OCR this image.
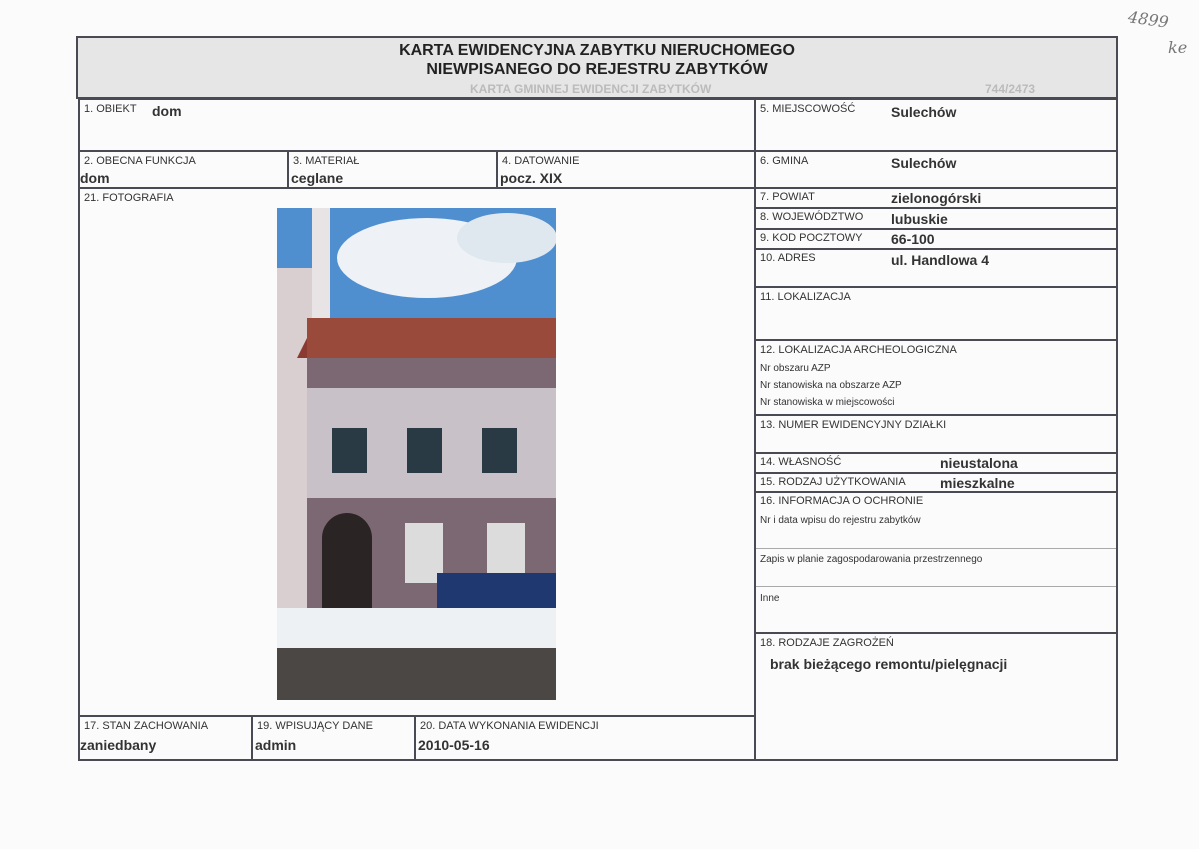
4899
ke
KARTA EWIDENCYJNA ZABYTKU NIERUCHOMEGO
NIEWPISANEGO DO REJESTRU ZABYTKÓW
KARTA GMINNEJ EWIDENCJI ZABYTKÓW	744/2473
1. OBIEKT dom
2. OBECNA FUNKCJA
dom
3. MATERIAŁ
ceglane
4. DATOWANIE
pocz. XIX
21. FOTOGRAFIA
17. STAN ZACHOWANIA
zaniedbany
19. WPISUJĄCY DANE
admin
20. DATA WYKONANIA EWIDENCJI
2010-05-16
5. MIEJSCOWOŚĆ	Sulechów
6. GMINA	Sulechów
7. POWIAT	zielonogórski
8. WOJEWÓDZTWO lubuskie
9. KOD POCZTOWY 66-100
10. ADRES	ul. Handlowa 4
11. LOKALIZACJA
12. LOKALIZACJA ARCHEOLOGICZNA
Nr obszaru AZP
Nr stanowiska na obszarze AZP
Nr stanowiska w miejscowości
13. NUMER EWIDENCYJNY DZIAŁKI
14. WŁASNOŚĆ	nieustalona
15. RODZAJ UŻYTKOWANIA mieszkalne
16. INFORMACJA O OCHRONIE
Nr i data wpisu do rejestru zabytków
Zapis w planie zagospodarowania przestrzennego
Inne
18. RODZAJE ZAGROŻEŃ
brak bieżącego remontu/pielęgnacji
